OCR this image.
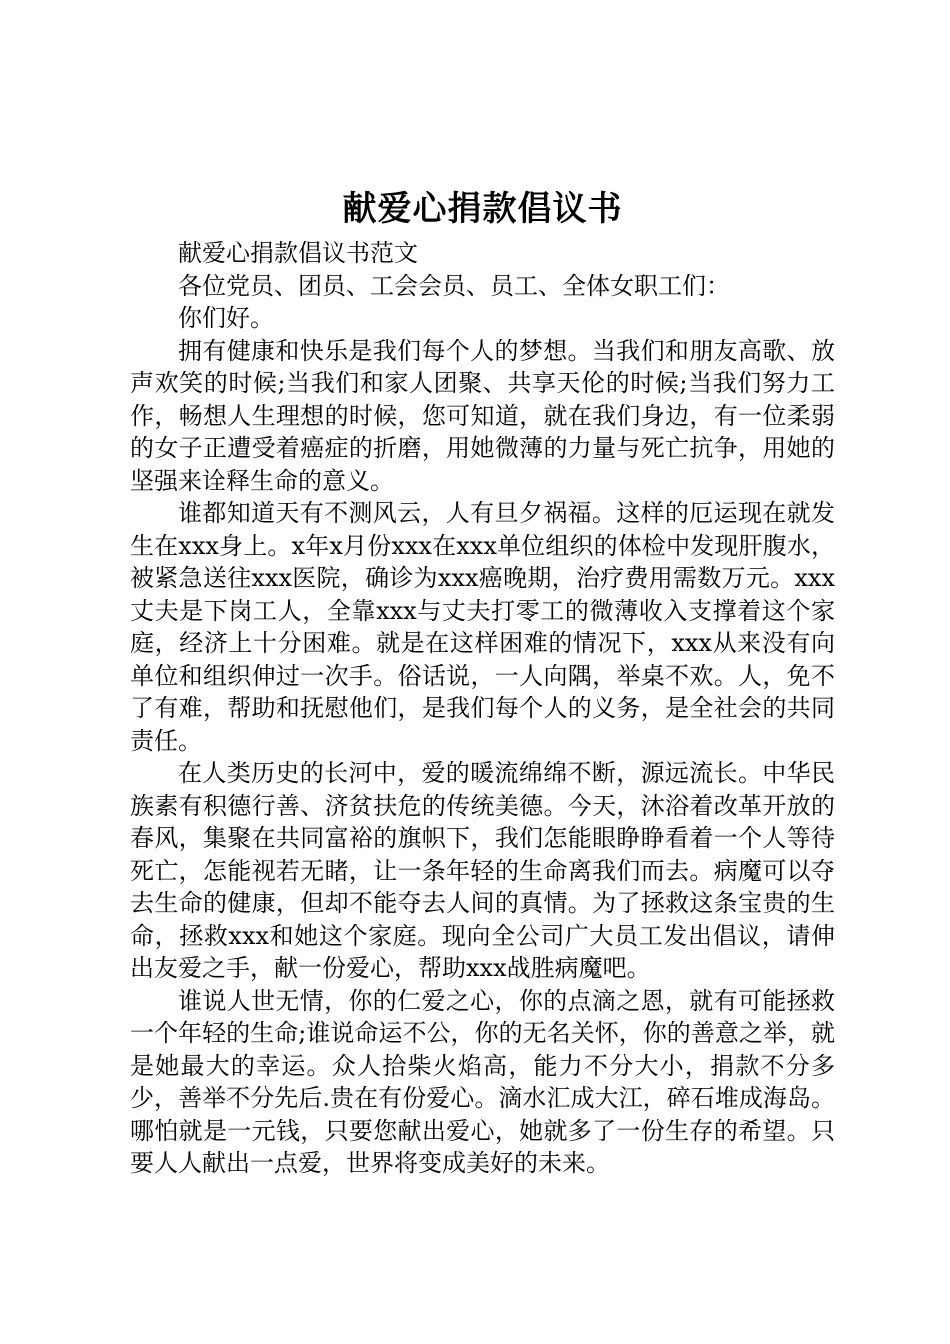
献爱心捐款倡议书

献爱心捐款倡议书范文

各位党员、团员、工会会员、员工、全体女职工们：

你们好。

拥有健康和快乐是我们每个人的梦想。当我们和朋友高歌、放声欢笑的时候;当我们和家人团聚、共享天伦的时候;当我们努力工作，畅想人生理想的时候，您可知道，就在我们身边，有一位柔弱的女子正遭受着癌症的折磨，用她微薄的力量与死亡抗争，用她的坚强来诠释生命的意义。

谁都知道天有不测风云，人有旦夕祸福。这样的厄运现在就发生在xxx身上。x年x月份xxx在xxx单位组织的体检中发现肝腹水，被紧急送往xxx医院，确诊为xxx癌晚期，治疗费用需数万元。xxx丈夫是下岗工人，全靠xxx与丈夫打零工的微薄收入支撑着这个家庭，经济上十分困难。就是在这样困难的情况下，xxx从来没有向单位和组织伸过一次手。俗话说，一人向隅，举桌不欢。人，免不了有难，帮助和抚慰他们，是我们每个人的义务，是全社会的共同责任。

在人类历史的长河中，爱的暖流绵绵不断，源远流长。中华民族素有积德行善、济贫扶危的传统美德。今天，沐浴着改革开放的春风，集聚在共同富裕的旗帜下，我们怎能眼睁睁看着一个人等待死亡，怎能视若无睹，让一条年轻的生命离我们而去。病魔可以夺去生命的健康，但却不能夺去人间的真情。为了拯救这条宝贵的生命，拯救xxx和她这个家庭。现向全公司广大员工发出倡议，请伸出友爱之手，献一份爱心，帮助xxx战胜病魔吧。

谁说人世无情，你的仁爱之心，你的点滴之恩，就有可能拯救一个年轻的生命;谁说命运不公，你的无名关怀，你的善意之举，就是她最大的幸运。众人拾柴火焰高，能力不分大小，捐款不分多少，善举不分先后.贵在有份爱心。滴水汇成大江，碎石堆成海岛。哪怕就是一元钱，只要您献出爱心，她就多了一份生存的希望。只要人人献出一点爱，世界将变成美好的未来。
